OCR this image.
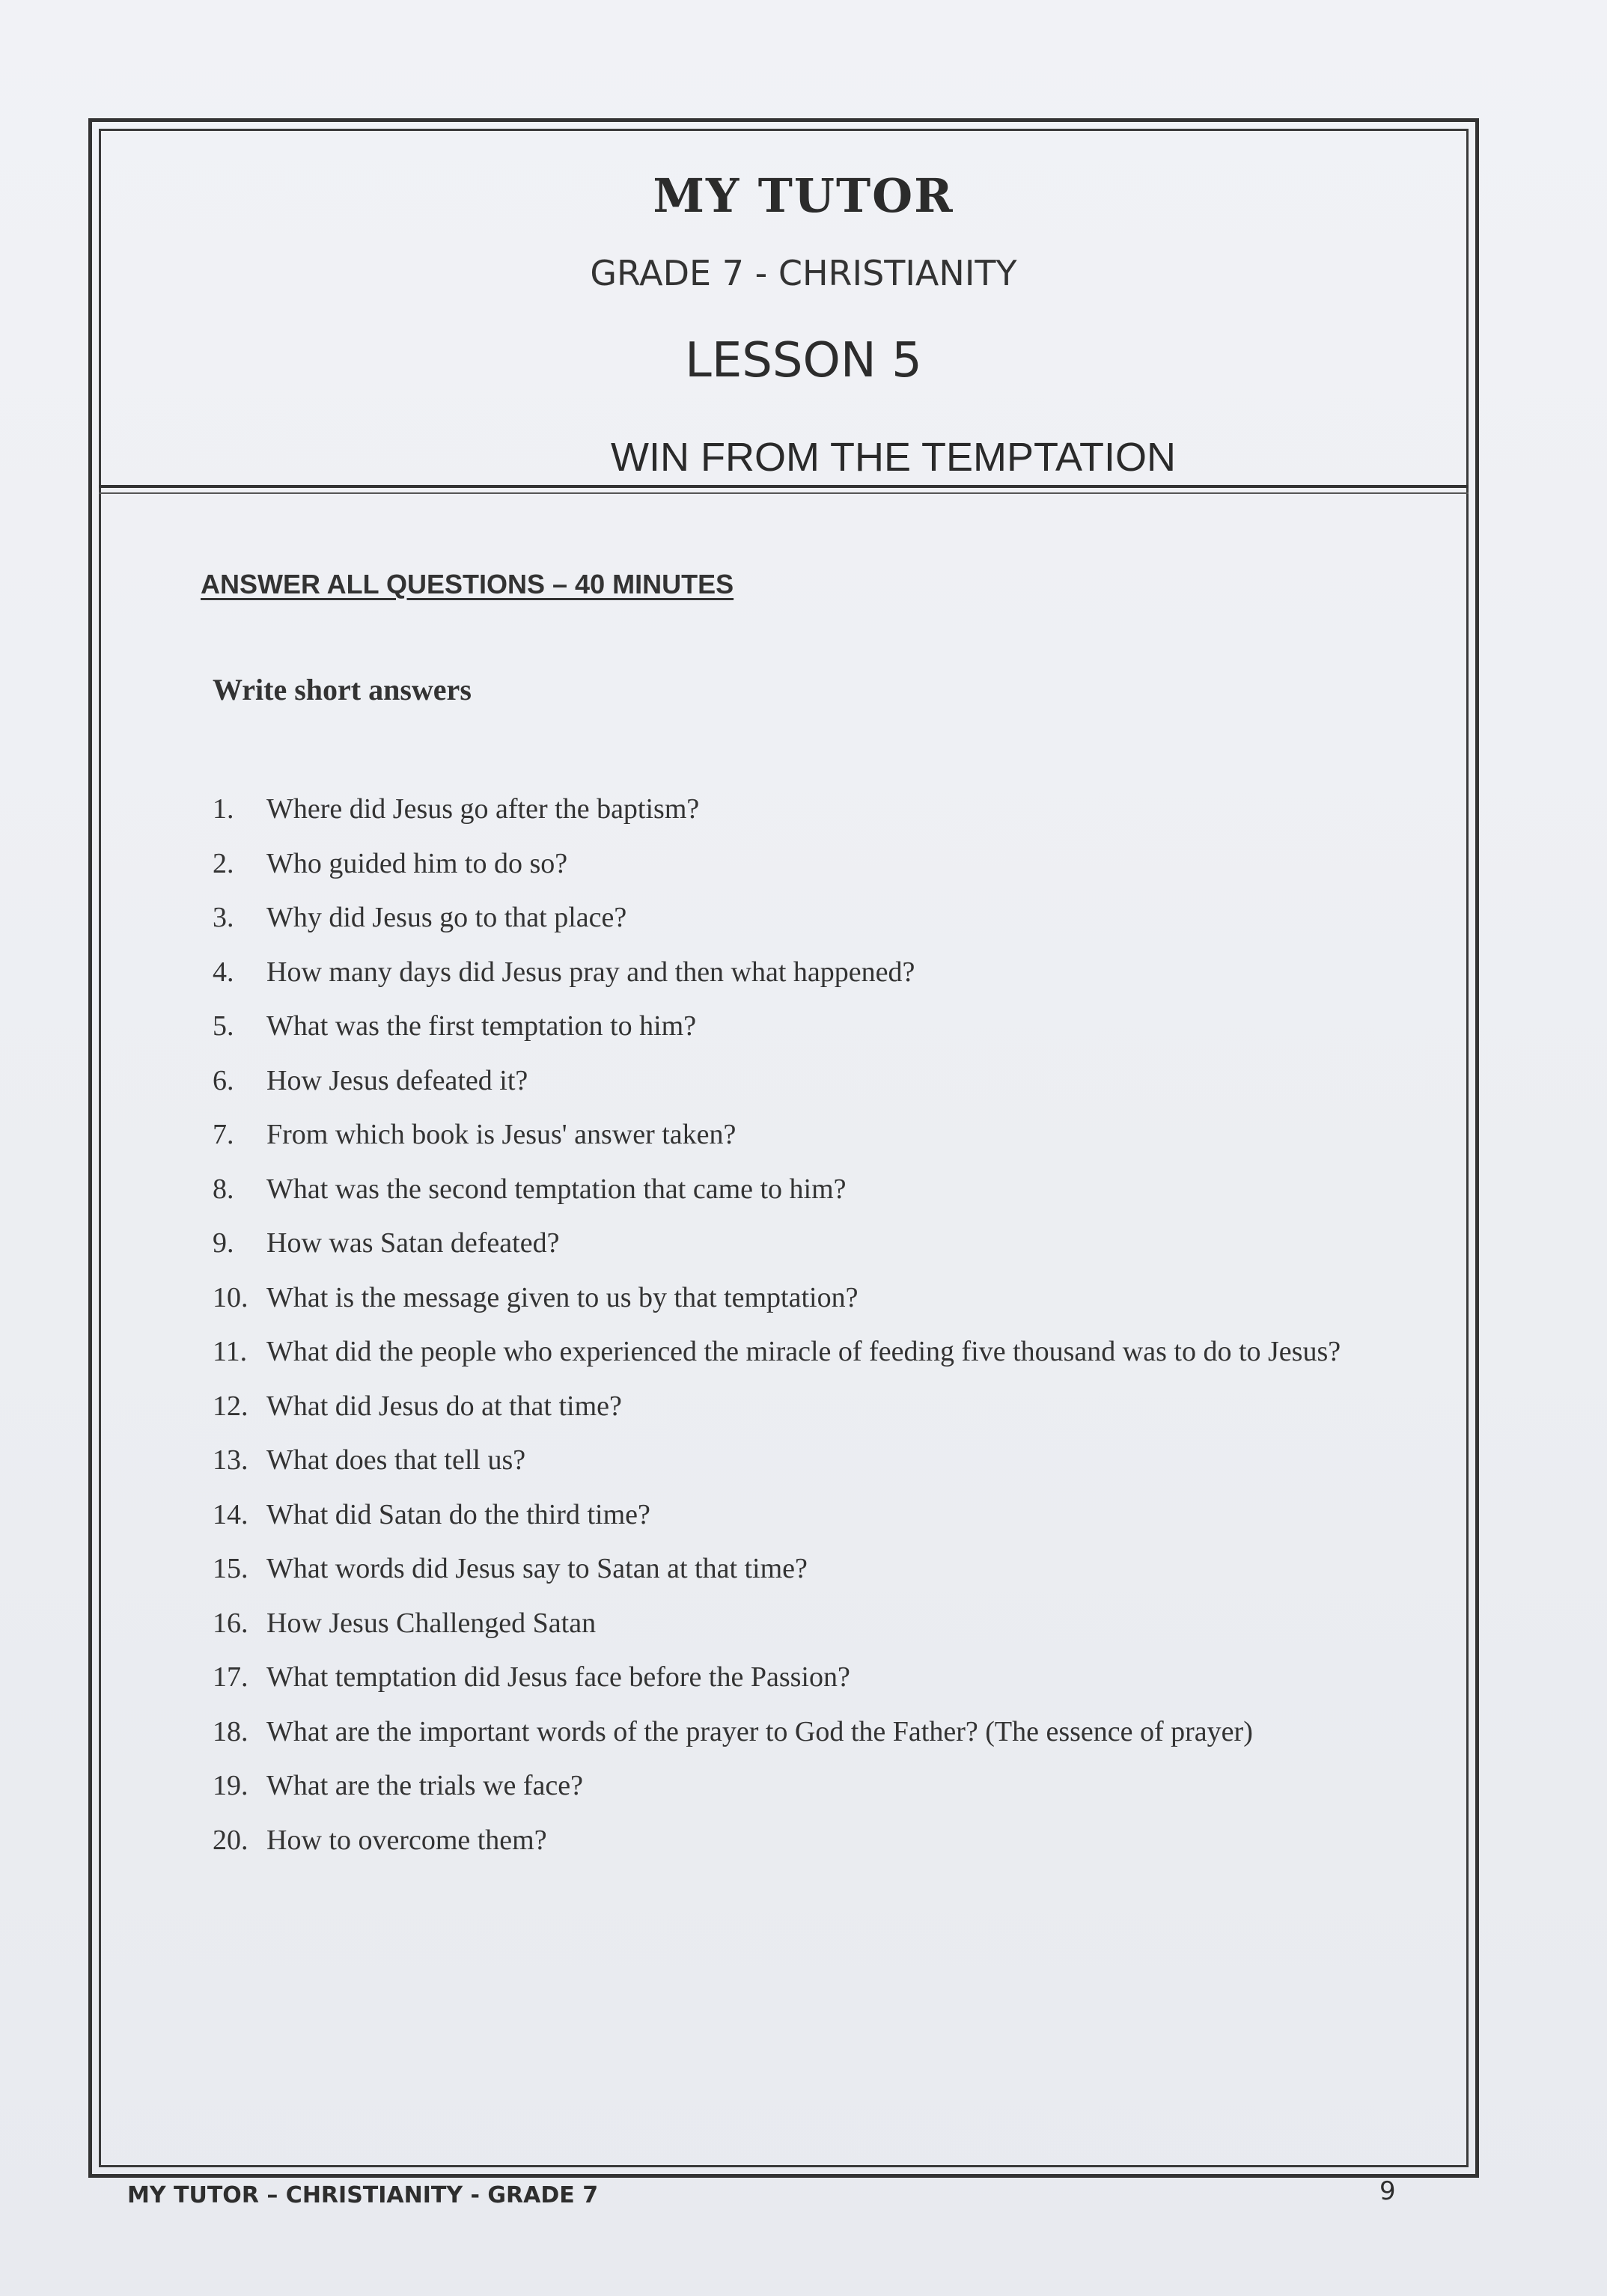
MY TUTOR
GRADE 7 - CHRISTIANITY
LESSON 5
WIN FROM THE TEMPTATION
ANSWER ALL QUESTIONS – 40 MINUTES
Write short answers
1.	Where did Jesus go after the baptism?
2.	Who guided him to do so?
3.	Why did Jesus go to that place?
4.	How many days did Jesus pray and then what happened?
5.	What was the first temptation to him?
6.	How Jesus defeated it?
7.	From which book is Jesus' answer taken?
8.	What was the second temptation that came to him?
9.	How was Satan defeated?
10. What is the message given to us by that temptation?
11. What did the people who experienced the miracle of feeding five thousand was to do to Jesus?
12. What did Jesus do at that time?
13. What does that tell us?
14. What did Satan do the third time?
15. What words did Jesus say to Satan at that time?
16. How Jesus Challenged Satan
17. What temptation did Jesus face before the Passion?
18. What are the important words of the prayer to God the Father? (The essence of prayer)
19. What are the trials we face?
20. How to overcome them?
MY TUTOR – CHRISTIANITY - GRADE 7	9
